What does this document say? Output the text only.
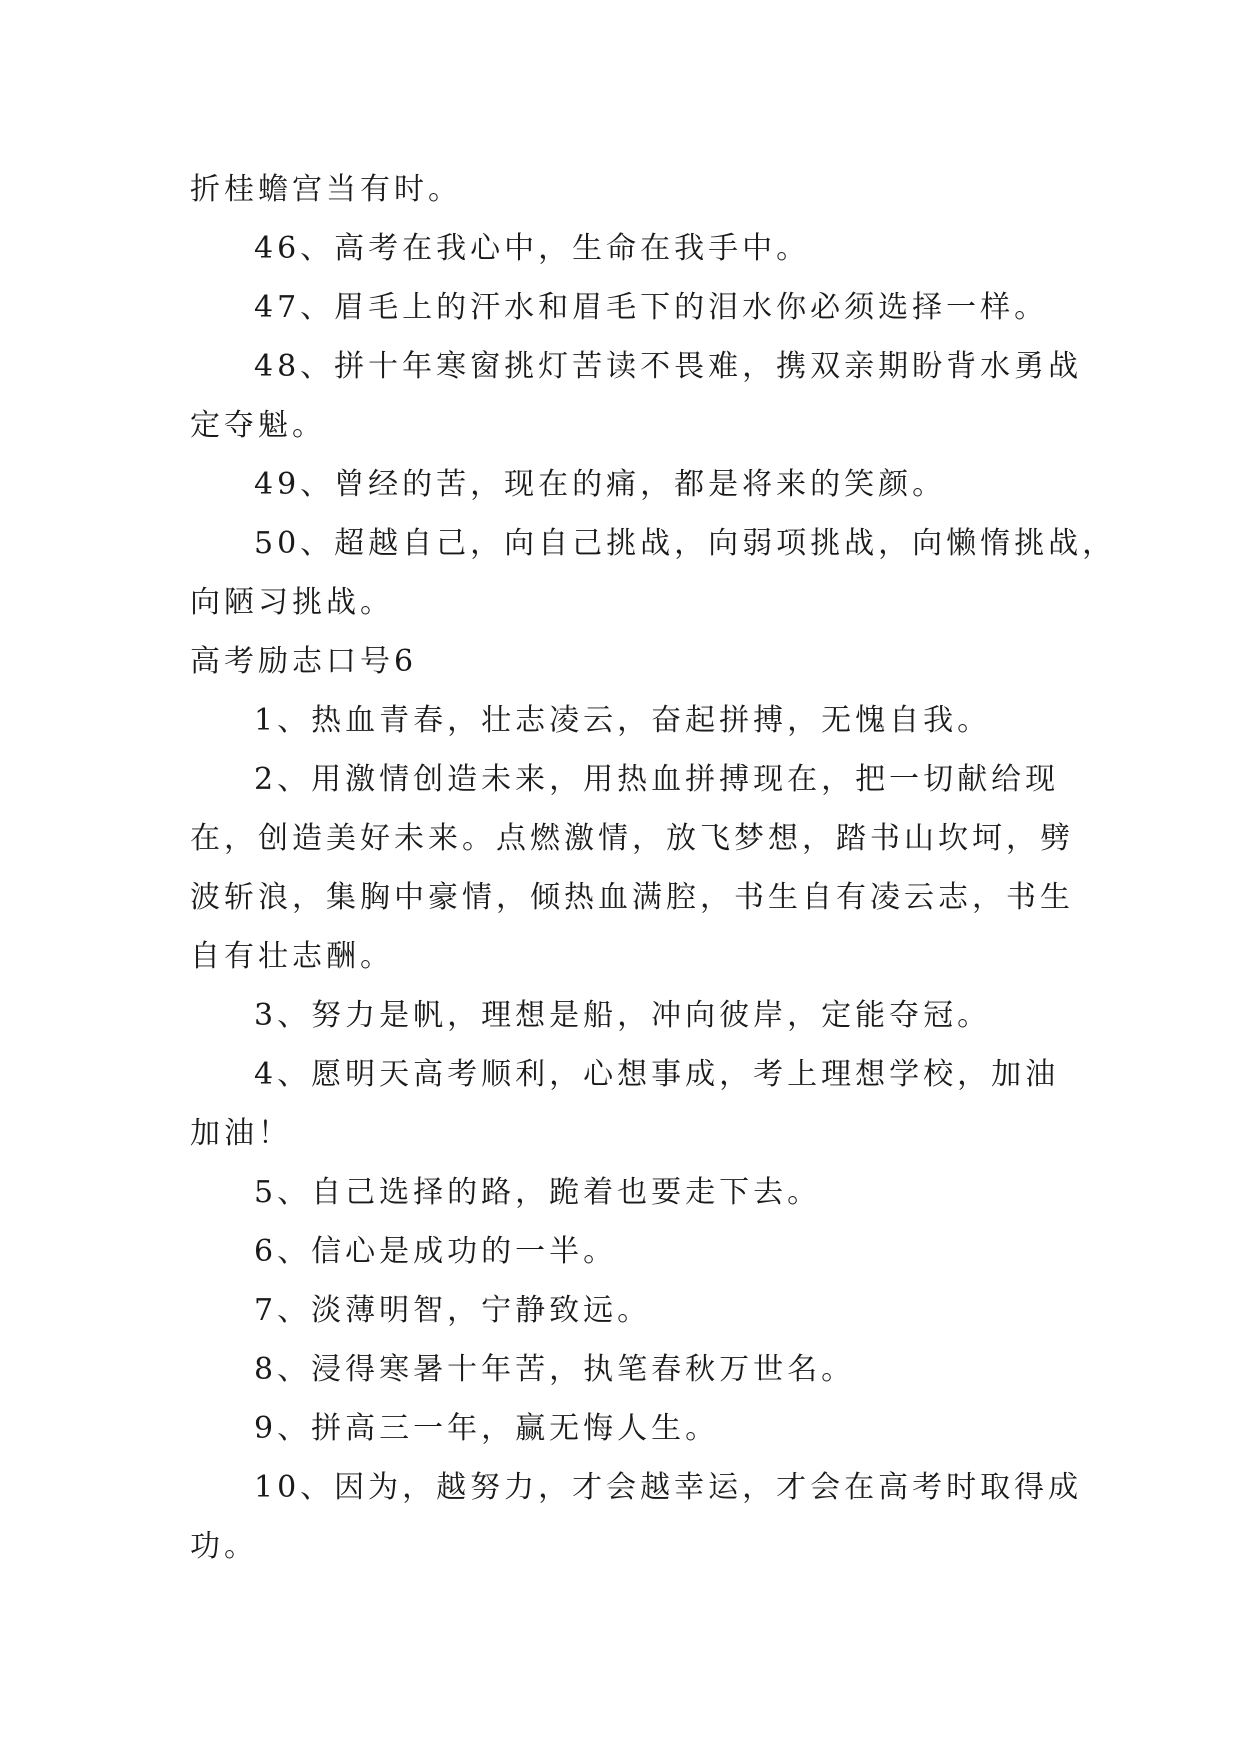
折桂蟾宫当有时。
46、高考在我心中，生命在我手中。
47、眉毛上的汗水和眉毛下的泪水你必须选择一样。
48、拼十年寒窗挑灯苦读不畏难，携双亲期盼背水勇战
定夺魁。
49、曾经的苦，现在的痛，都是将来的笑颜。
50、超越自己，向自己挑战，向弱项挑战，向懒惰挑战，
向陋习挑战。
高考励志口号6
1、热血青春，壮志凌云，奋起拼搏，无愧自我。
2、用激情创造未来，用热血拼搏现在，把一切献给现
在，创造美好未来。点燃激情，放飞梦想，踏书山坎坷，劈
波斩浪，集胸中豪情，倾热血满腔，书生自有凌云志，书生
自有壮志酬。
3、努力是帆，理想是船，冲向彼岸，定能夺冠。
4、愿明天高考顺利，心想事成，考上理想学校，加油
加油！
5、自己选择的路，跪着也要走下去。
6、信心是成功的一半。
7、淡薄明智，宁静致远。
8、浸得寒暑十年苦，执笔春秋万世名。
9、拼高三一年，赢无悔人生。
10、因为，越努力，才会越幸运，才会在高考时取得成
功。
